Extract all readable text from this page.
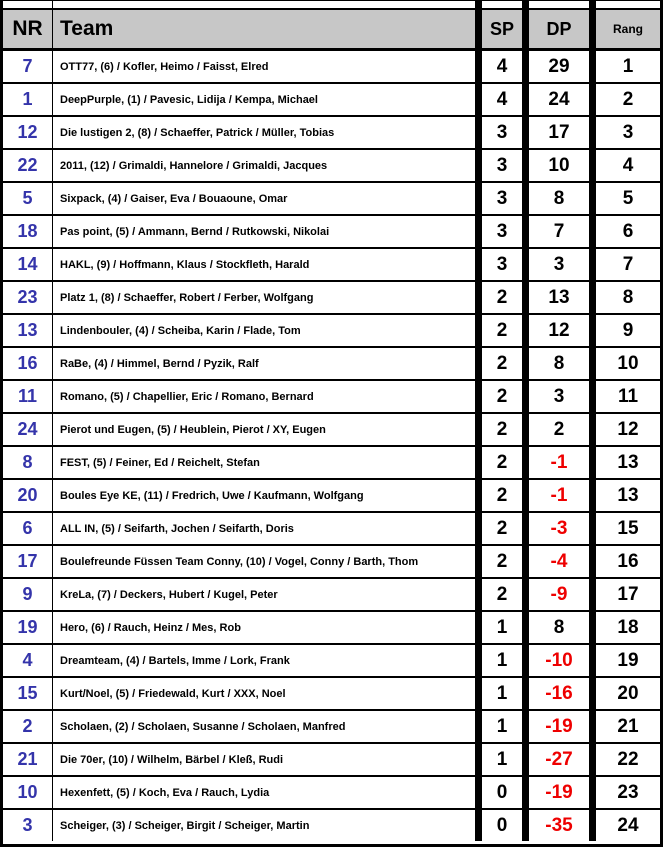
NR Team	SP	DP	Rang
7	OTT77, (6) / Kofler, Heimo / Faisst, Elred	4	29	1
1	DeepPurple, (1) / Pavesic, Lidija / Kempa, Michael	4	24	2
12	Die lustigen 2, (8) / Schaeffer, Patrick / Müller, Tobias	3	17	3
22	2011, (12) / Grimaldi, Hannelore / Grimaldi, Jacques	3	10	4
5	Sixpack, (4) / Gaiser, Eva / Bouaoune, Omar	3	8	5
18	Pas point, (5) / Ammann, Bernd / Rutkowski, Nikolai	3	7	6
14	HAKL, (9) / Hoffmann, Klaus / Stockfleth, Harald	3	3	7
23	Platz 1, (8) / Schaeffer, Robert / Ferber, Wolfgang	2	13	8
13	Lindenbouler, (4) / Scheiba, Karin / Flade, Tom	2	12	9
16	RaBe, (4) / Himmel, Bernd / Pyzik, Ralf	2	8	10
11	Romano, (5) / Chapellier, Eric / Romano, Bernard	2	3	11
24	Pierot und Eugen, (5) / Heublein, Pierot / XY, Eugen	2	2	12
8	FEST, (5) / Feiner, Ed / Reichelt, Stefan	2	-1	13
20	Boules Eye KE, (11) / Fredrich, Uwe / Kaufmann, Wolfgang	2	-1	13
6	ALL IN, (5) / Seifarth, Jochen / Seifarth, Doris	2	-3	15
17	Boulefreunde Füssen Team Conny, (10) / Vogel, Conny / Barth, Thom	2	-4	16
9	KreLa, (7) / Deckers, Hubert / Kugel, Peter	2	-9	17
19	Hero, (6) / Rauch, Heinz / Mes, Rob	1	8	18
4	Dreamteam, (4) / Bartels, Imme / Lork, Frank	1	-10	19
15	Kurt/Noel, (5) / Friedewald, Kurt / XXX, Noel	1	-16	20
2	Scholaen, (2) / Scholaen, Susanne / Scholaen, Manfred	1	-19	21
21	Die 70er, (10) / Wilhelm, Bärbel / Kleß, Rudi	1	-27	22
10	Hexenfett, (5) / Koch, Eva / Rauch, Lydia	0	-19	23
3	Scheiger, (3) / Scheiger, Birgit / Scheiger, Martin	0	-35	24
